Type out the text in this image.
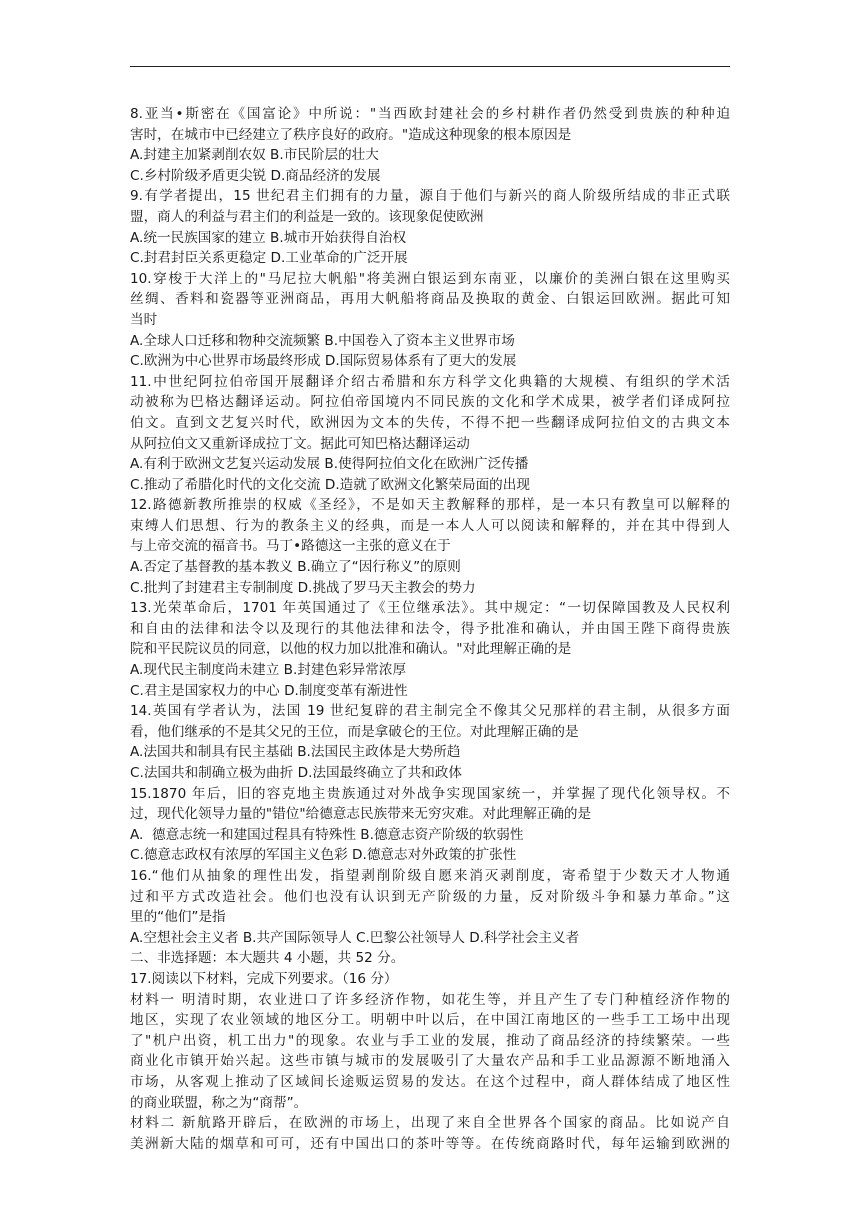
8.亚当•斯密在《国富论》中所说："当西欧封建社会的乡村耕作者仍然受到贵族的种种迫
害时，在城市中已经建立了秩序良好的政府。"造成这种现象的根本原因是
A.封建主加紧剥削农奴 B.市民阶层的壮大
C.乡村阶级矛盾更尖锐 D.商品经济的发展
9.有学者提出，15 世纪君主们拥有的力量，源自于他们与新兴的商人阶级所结成的非正式联
盟，商人的利益与君主们的利益是一致的。该现象促使欧洲
A.统一民族国家的建立 B.城市开始获得自治权
C.封君封臣关系更稳定 D.工业革命的广泛开展
10.穿梭于大洋上的"马尼拉大帆船"将美洲白银运到东南亚，以廉价的美洲白银在这里购买
丝绸、香料和瓷器等亚洲商品，再用大帆船将商品及换取的黄金、白银运回欧洲。据此可知
当时
A.全球人口迁移和物种交流频繁 B.中国卷入了资本主义世界市场
C.欧洲为中心世界市场最终形成 D.国际贸易体系有了更大的发展
11.中世纪阿拉伯帝国开展翻译介绍古希腊和东方科学文化典籍的大规模、有组织的学术活
动被称为巴格达翻译运动。阿拉伯帝国境内不同民族的文化和学术成果，被学者们译成阿拉
伯文。直到文艺复兴时代，欧洲因为文本的失传，不得不把一些翻译成阿拉伯文的古典文本
从阿拉伯文又重新译成拉丁文。据此可知巴格达翻译运动
A.有利于欧洲文艺复兴运动发展 B.使得阿拉伯文化在欧洲广泛传播
C.推动了希腊化时代的文化交流 D.造就了欧洲文化繁荣局面的出现
12.路德新教所推崇的权威《圣经》，不是如天主教解释的那样，是一本只有教皇可以解释的
束缚人们思想、行为的教条主义的经典，而是一本人人可以阅读和解释的，并在其中得到人
与上帝交流的福音书。马丁•路德这一主张的意义在于
A.否定了基督教的基本教义 B.确立了“因行称义”的原则
C.批判了封建君主专制制度 D.挑战了罗马天主教会的势力
13.光荣革命后，1701 年英国通过了《王位继承法》。其中规定：“一切保障国教及人民权利
和自由的法律和法令以及现行的其他法律和法令，得予批准和确认，并由国王陛下商得贵族
院和平民院议员的同意，以他的权力加以批准和确认。"对此理解正确的是
A.现代民主制度尚未建立 B.封建色彩异常浓厚
C.君主是国家权力的中心 D.制度变革有渐进性
14.英国有学者认为，法国 19 世纪复辟的君主制完全不像其父兄那样的君主制，从很多方面
看，他们继承的不是其父兄的王位，而是拿破仑的王位。对此理解正确的是
A.法国共和制具有民主基础 B.法国民主政体是大势所趋
C.法国共和制确立极为曲折 D.法国最终确立了共和政体
15.1870 年后，旧的容克地主贵族通过对外战争实现国家统一，并掌握了现代化领导权。不
过，现代化领导力量的"错位"给德意志民族带来无穷灾难。对此理解正确的是
A.  德意志统一和建国过程具有特殊性 B.德意志资产阶级的软弱性
C.德意志政权有浓厚的军国主义色彩 D.德意志对外政策的扩张性
16.“他们从抽象的理性出发，指望剥削阶级自愿来消灭剥削度，寄希望于少数天才人物通
过和平方式改造社会。他们也没有认识到无产阶级的力量，反对阶级斗争和暴力革命。”这
里的“他们”是指
A.空想社会主义者 B.共产国际领导人 C.巴黎公社领导人 D.科学社会主义者
二、非选择题：本大题共 4 小题，共 52 分。
17.阅读以下材料，完成下列要求。（16 分）
材料一 明清时期，农业进口了许多经济作物，如花生等，并且产生了专门种植经济作物的
地区，实现了农业领域的地区分工。明朝中叶以后，在中国江南地区的一些手工工场中出现
了"机户出资，机工出力"的现象。农业与手工业的发展，推动了商品经济的持续繁荣。一些
商业化市镇开始兴起。这些市镇与城市的发展吸引了大量农产品和手工业品源源不断地涌入
市场，从客观上推动了区域间长途贩运贸易的发达。在这个过程中，商人群体结成了地区性
的商业联盟，称之为“商帮”。
材料二 新航路开辟后，在欧洲的市场上，出现了来自全世界各个国家的商品。比如说产自
美洲新大陆的烟草和可可，还有中国出口的茶叶等等。在传统商路时代，每年运输到欧洲的
